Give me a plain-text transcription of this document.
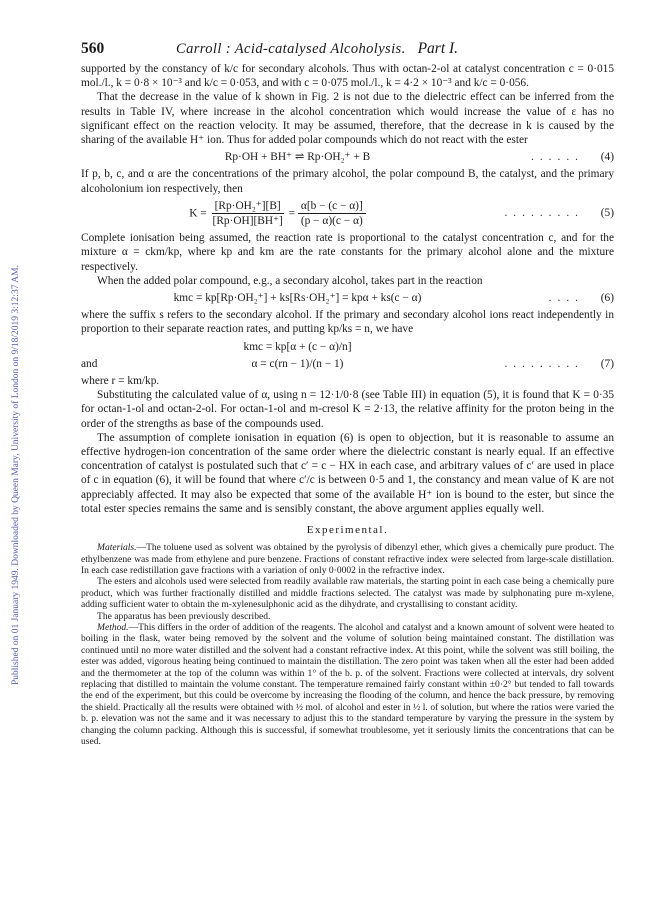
Published on 01 January 1949. Downloaded by Queen Mary, University of London on 9/18/2019 3:12:37 AM.
560	Carroll : Acid-catalysed Alcoholysis. Part I.

supported by the constancy of k/c for secondary alcohols. Thus with octan-2-ol at catalyst concentration c = 0·015 mol./l., k = 0·8 × 10⁻³ and k/c = 0·053, and with c = 0·075 mol./l., k = 4·2 × 10⁻³ and k/c = 0·056.

That the decrease in the value of k shown in Fig. 2 is not due to the dielectric effect can be inferred from the results in Table IV, where increase in the alcohol concentration which would increase the value of ε has no significant effect on the reaction velocity. It may be assumed, therefore, that the decrease in k is caused by the sharing of the available H⁺ ion. Thus for added polar compounds which do not react with the ester

Rp·OH + BH⁺ ⇌ Rp·OH₂⁺ + B	......	(4)

If p, b, c, and α are the concentrations of the primary alcohol, the polar compound B, the catalyst, and the primary alcoholonium ion respectively, then

$K = \frac{\text{[Rp·OH₂⁺][B]}}{[Rp\cdot OH][BH^+]} = \frac{\alpha[b - (c - \alpha)]}{(p - \alpha)(c - \alpha)}$	.........	(5)

Complete ionisation being assumed, the reaction rate is proportional to the catalyst concentration c, and for the mixture α = ckm/kp, where kp and km are the rate constants for the primary alcohol alone and the mixture respectively.

When the added polar compound, e.g., a secondary alcohol, takes part in the reaction

kmc = kp[Rp·OH₂⁺] + ks[Rs·OH₂⁺] = kpα + ks(c − α)	....	(6)

where the suffix s refers to the secondary alcohol. If the primary and secondary alcohol ions react independently in proportion to their separate reaction rates, and putting kp/ks = n, we have

kmc = kp[α + (c − α)/n]
and	α = c(rn − 1)/(n − 1)	.........	(7)

where r = km/kp.

Substituting the calculated value of α, using n = 12·1/0·8 (see Table III) in equation (5), it is found that K = 0·35 for octan-1-ol and octan-2-ol. For octan-1-ol and m-cresol K = 2·13, the relative affinity for the proton being in the order of the strengths as base of the compounds used.

The assumption of complete ionisation in equation (6) is open to objection, but it is reasonable to assume an effective hydrogen-ion concentration of the same order where the dielectric constant is nearly equal. If an effective concentration of catalyst is postulated such that c′ = c − HX in each case, and arbitrary values of c′ are used in place of c in equation (6), it will be found that where c′/c is between 0·5 and 1, the constancy and mean value of K are not appreciably affected. It may also be expected that some of the available H⁺ ion is bound to the ester, but since the total ester species remains the same and is sensibly constant, the above argument applies equally well.

Experimental.

Materials.—The toluene used as solvent was obtained by the pyrolysis of dibenzyl ether, which gives a chemically pure product. The ethylbenzene was made from ethylene and pure benzene. Fractions of constant refractive index were selected from large-scale distillation. In each case redistillation gave fractions with a variation of only 0·0002 in the refractive index.

The esters and alcohols used were selected from readily available raw materials, the starting point in each case being a chemically pure product, which was further fractionally distilled and middle fractions selected. The catalyst was made by sulphonating pure m-xylene, adding sufficient water to obtain the m-xylenesulphonic acid as the dihydrate, and crystallising to constant acidity.

The apparatus has been previously described.

Method.—This differs in the order of addition of the reagents. The alcohol and catalyst and a known amount of solvent were heated to boiling in the flask, water being removed by the solvent and the volume of solution being maintained constant. The distillation was continued until no more water distilled and the solvent had a constant refractive index. At this point, while the solvent was still boiling, the ester was added, vigorous heating being continued to maintain the distillation. The zero point was taken when all the ester had been added and the thermometer at the top of the column was within 1° of the b. p. of the solvent. Fractions were collected at intervals, dry solvent replacing that distilled to maintain the volume constant. The temperature remained fairly constant within ±0·2° but tended to fall towards the end of the experiment, but this could be overcome by increasing the flooding of the column, and hence the back pressure, by removing the shield. Practically all the results were obtained with ½ mol. of alcohol and ester in ½ l. of solution, but where the ratios were varied the b. p. elevation was not the same and it was necessary to adjust this to the standard temperature by varying the pressure in the system by changing the column packing. Although this is successful, if somewhat troublesome, yet it seriously limits the concentrations that can be used.
